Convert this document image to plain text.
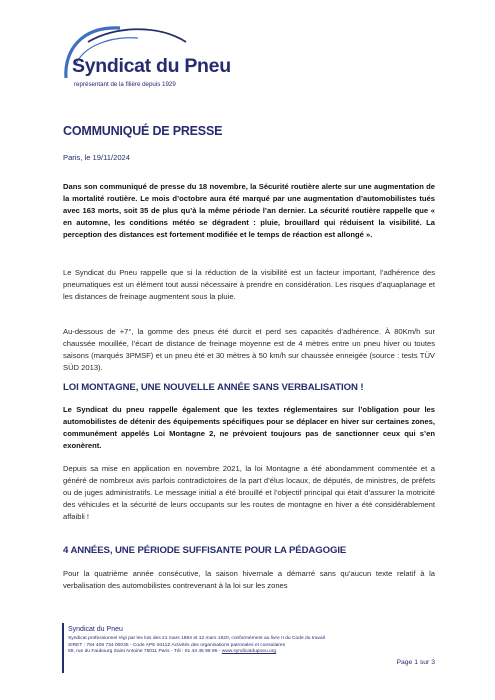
Syndicat du Pneu
représentant de la filière depuis 1929
COMMUNIQUÉ DE PRESSE
Paris, le 19/11/2024

Dans son communiqué de presse du 18 novembre, la Sécurité routière alerte sur une augmentation de la mortalité routière. Le mois d’octobre aura été marqué par une augmentation d’automobilistes tués avec 163 morts, soit 35 de plus qu’à la même période l’an dernier. La sécurité routière rappelle que « en automne, les conditions météo se dégradent : pluie, brouillard qui réduisent la visibilité. La perception des distances est fortement modifiée et le temps de réaction est allongé ».

Le Syndicat du Pneu rappelle que si la réduction de la visibilité est un facteur important, l’adhérence des pneumatiques est un élément tout aussi nécessaire à prendre en considération. Les risques d’aquaplanage et les distances de freinage augmentent sous la pluie.

Au-dessous de +7°, la gomme des pneus été durcit et perd ses capacités d’adhérence. À 80Km/h sur chaussée mouillée, l’écart de distance de freinage moyenne est de 4 mètres entre un pneu hiver ou toutes saisons (marqués 3PMSF) et un pneu été et 30 mètres à 50 km/h sur chaussée enneigée (source : tests TÜV SÜD 2013).

LOI MONTAGNE, UNE NOUVELLE ANNÉE SANS VERBALISATION !

Le Syndicat du pneu rappelle également que les textes réglementaires sur l’obligation pour les automobilistes de détenir des équipements spécifiques pour se déplacer en hiver sur certaines zones, communément appelés Loi Montagne 2, ne prévoient toujours pas de sanctionner ceux qui s’en exonèrent.

Depuis sa mise en application en novembre 2021, la loi Montagne a été abondamment commentée et a généré de nombreux avis parfois contradictoires de la part d’élus locaux, de députés, de ministres, de préfets ou de juges administratifs. Le message initial a été brouillé et l’objectif principal qui était d’assurer la motricité des véhicules et la sécurité de leurs occupants sur les routes de montagne en hiver a été considérablement affaibli !

4 ANNÉES, UNE PÉRIODE SUFFISANTE POUR LA PÉDAGOGIE

Pour la quatrième année consécutive, la saison hivernale a démarré sans qu’aucun texte relatif à la verbalisation des automobilistes contrevenant à la loi sur les zones

Syndicat du Pneu
Syndicat professionnel régi par les lois des 21 mars 1884 et 12 mars 1920, conformément au livre II du Code du travail
SIRET : 784 408 734 00035 - Code APE 9411Z Activités des organisations patronales et consulaires
89, rue du Faubourg Saint Antoine 75011 Paris - Tél : 01 43 45 98 96 - www.syndicatdupneu.org
Page 1 sur 3
